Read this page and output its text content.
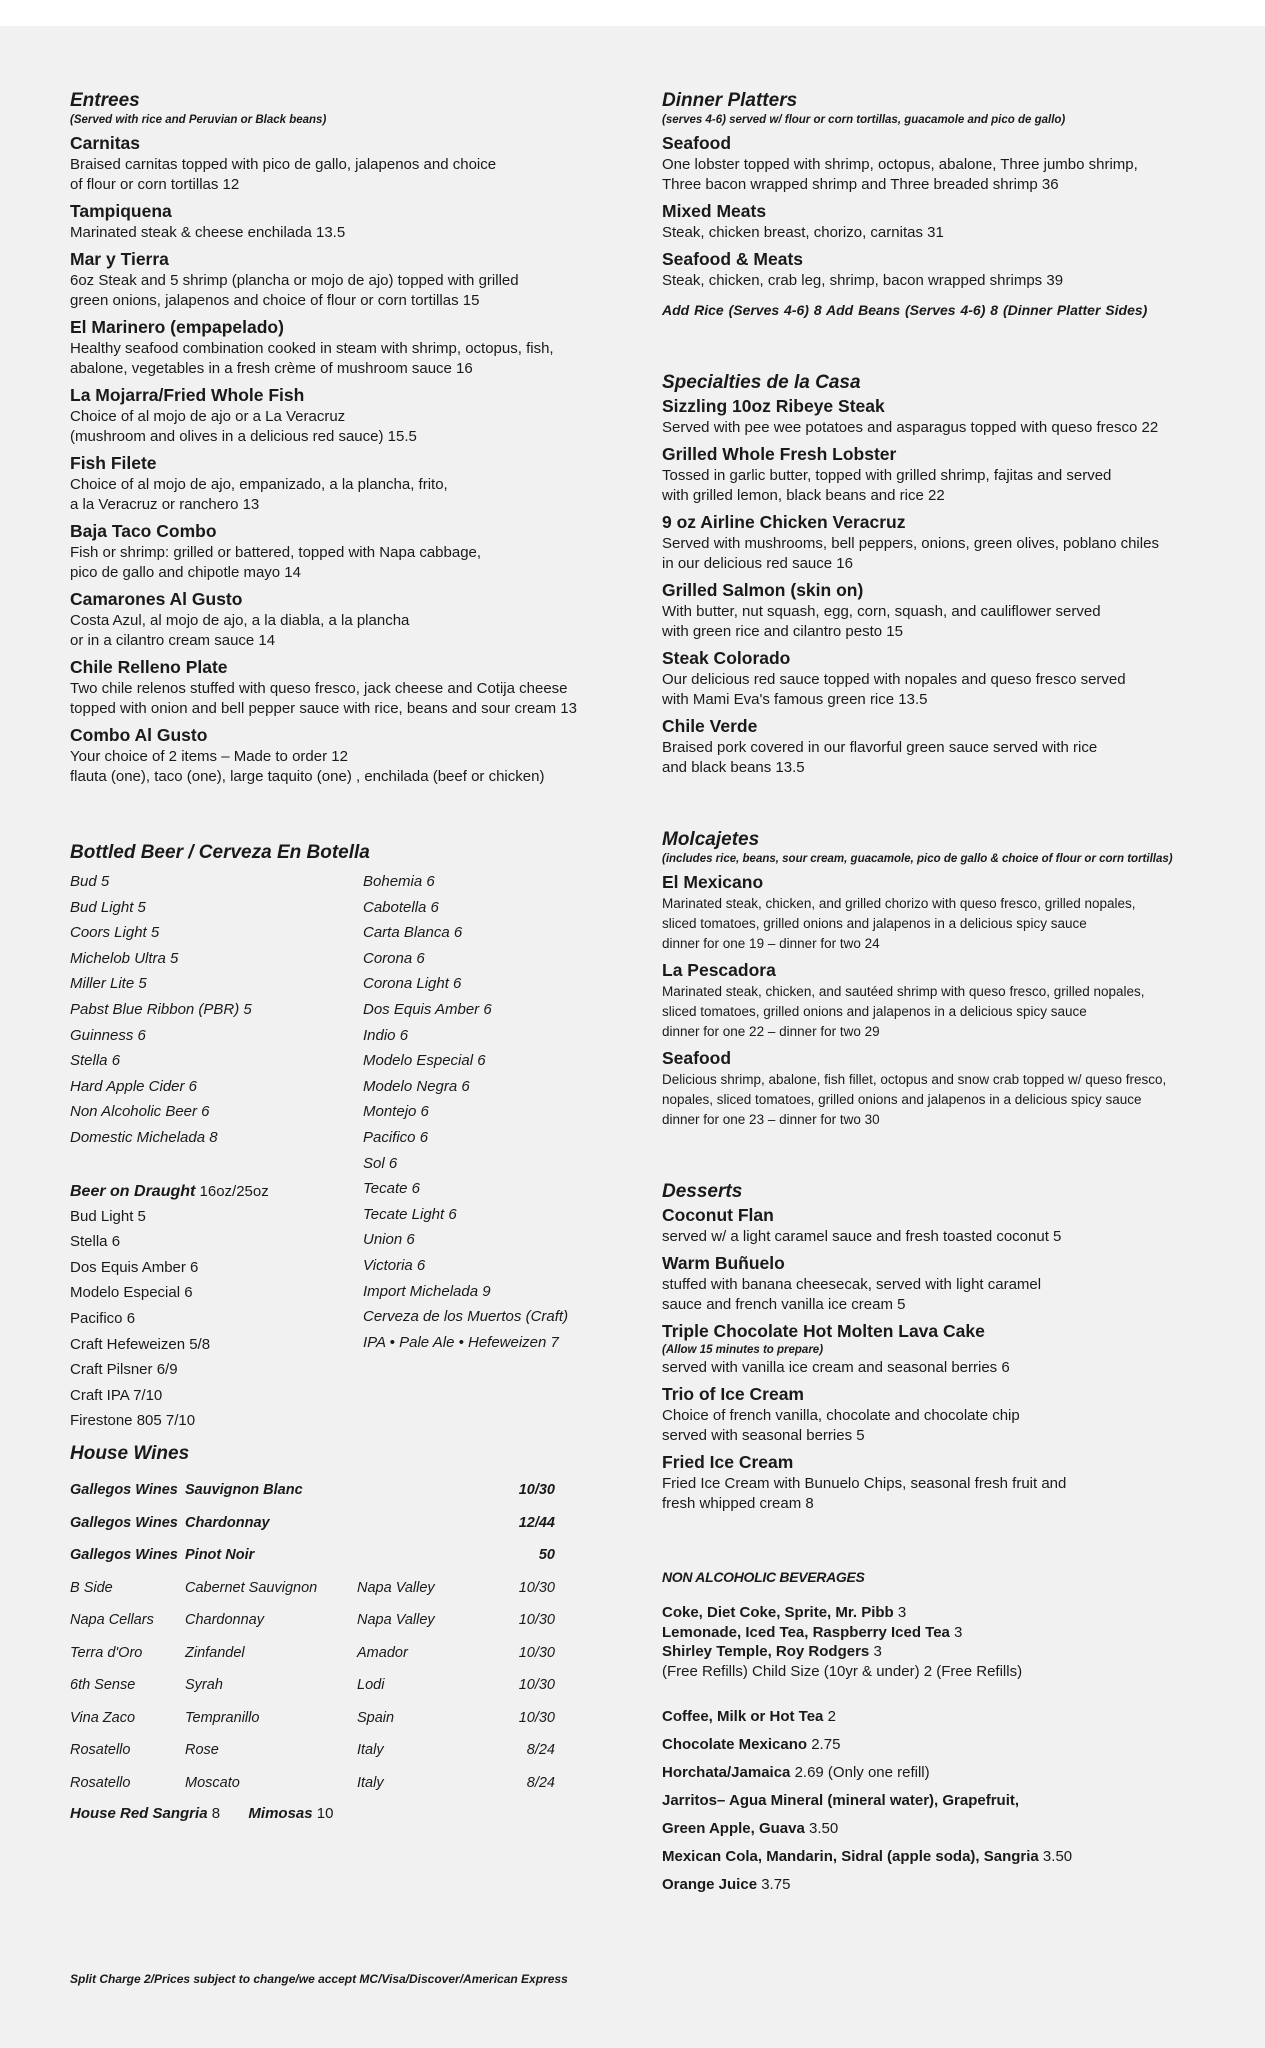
Entrees
(Served with rice and Peruvian or Black beans)
Carnitas
Braised carnitas topped with pico de gallo, jalapenos and choice
of flour or corn tortillas 12
Tampiquena
Marinated steak & cheese enchilada 13.5
Mar y Tierra
6oz Steak and 5 shrimp (plancha or mojo de ajo) topped with grilled
green onions, jalapenos and choice of flour or corn tortillas 15
El Marinero (empapelado)
Healthy seafood combination cooked in steam with shrimp, octopus, fish,
abalone, vegetables in a fresh crème of mushroom sauce 16
La Mojarra/Fried Whole Fish
Choice of al mojo de ajo or a La Veracruz
(mushroom and olives in a delicious red sauce) 15.5
Fish Filete
Choice of al mojo de ajo, empanizado, a la plancha, frito,
a la Veracruz or ranchero 13
Baja Taco Combo
Fish or shrimp: grilled or battered, topped with Napa cabbage,
pico de gallo and chipotle mayo 14
Camarones Al Gusto
Costa Azul, al mojo de ajo, a la diabla, a la plancha
or in a cilantro cream sauce 14
Chile Relleno Plate
Two chile relenos stuffed with queso fresco, jack cheese and Cotija cheese
topped with onion and bell pepper sauce with rice, beans and sour cream 13
Combo Al Gusto
Your choice of 2 items – Made to order 12
flauta (one), taco (one), large taquito (one) , enchilada (beef or chicken)
Bottled Beer / Cerveza En Botella
Bud 5
Bud Light 5
Coors Light 5
Michelob Ultra 5
Miller Lite 5
Pabst Blue Ribbon (PBR) 5
Guinness 6
Stella 6
Hard Apple Cider 6
Non Alcoholic Beer 6
Domestic Michelada 8
Beer on Draught 16oz/25oz
Bud Light 5
Stella 6
Dos Equis Amber 6
Modelo Especial 6
Pacifico 6
Craft Hefeweizen 5/8
Craft Pilsner 6/9
Craft IPA 7/10
Firestone 805 7/10
Bohemia 6
Cabotella 6
Carta Blanca 6
Corona 6
Corona Light 6
Dos Equis Amber 6
Indio 6
Modelo Especial 6
Modelo Negra 6
Montejo 6
Pacifico 6
Sol 6
Tecate 6
Tecate Light 6
Union 6
Victoria 6
Import Michelada 9
Cerveza de los Muertos (Craft)
IPA • Pale Ale • Hefeweizen 7
House Wines
Gallegos Wines	Sauvignon Blanc		10/30
Gallegos Wines	Chardonnay		12/44
Gallegos Wines	Pinot Noir		50
B Side	Cabernet Sauvignon	Napa Valley	10/30
Napa Cellars	Chardonnay	Napa Valley	10/30
Terra d'Oro	Zinfandel	Amador	10/30
6th Sense	Syrah	Lodi	10/30
Vina Zaco	Tempranillo	Spain	10/30
Rosatello	Rose	Italy	8/24
Rosatello	Moscato	Italy	8/24
House Red Sangria 8 Mimosas 10
Split Charge 2/Prices subject to change/we accept MC/Visa/Discover/American Express
Dinner Platters
(serves 4-6) served w/ flour or corn tortillas, guacamole and pico de gallo)
Seafood
One lobster topped with shrimp, octopus, abalone, Three jumbo shrimp,
Three bacon wrapped shrimp and Three breaded shrimp 36
Mixed Meats
Steak, chicken breast, chorizo, carnitas 31
Seafood & Meats
Steak, chicken, crab leg, shrimp, bacon wrapped shrimps 39
Add Rice (Serves 4-6) 8 Add Beans (Serves 4-6) 8 (Dinner Platter Sides)
Specialties de la Casa
Sizzling 10oz Ribeye Steak
Served with pee wee potatoes and asparagus topped with queso fresco 22
Grilled Whole Fresh Lobster
Tossed in garlic butter, topped with grilled shrimp, fajitas and served
with grilled lemon, black beans and rice 22
9 oz Airline Chicken Veracruz
Served with mushrooms, bell peppers, onions, green olives, poblano chiles
in our delicious red sauce 16
Grilled Salmon (skin on)
With butter, nut squash, egg, corn, squash, and cauliflower served
with green rice and cilantro pesto 15
Steak Colorado
Our delicious red sauce topped with nopales and queso fresco served
with Mami Eva's famous green rice 13.5
Chile Verde
Braised pork covered in our flavorful green sauce served with rice
and black beans 13.5
Molcajetes
(includes rice, beans, sour cream, guacamole, pico de gallo & choice of flour or corn tortillas)
El Mexicano
Marinated steak, chicken, and grilled chorizo with queso fresco, grilled nopales,
sliced tomatoes, grilled onions and jalapenos in a delicious spicy sauce
dinner for one 19 – dinner for two 24
La Pescadora
Marinated steak, chicken, and sautéed shrimp with queso fresco, grilled nopales,
sliced tomatoes, grilled onions and jalapenos in a delicious spicy sauce
dinner for one 22 – dinner for two 29
Seafood
Delicious shrimp, abalone, fish fillet, octopus and snow crab topped w/ queso fresco,
nopales, sliced tomatoes, grilled onions and jalapenos in a delicious spicy sauce
dinner for one 23 – dinner for two 30
Desserts
Coconut Flan
served w/ a light caramel sauce and fresh toasted coconut 5
Warm Buñuelo
stuffed with banana cheesecak, served with light caramel
sauce and french vanilla ice cream 5
Triple Chocolate Hot Molten Lava Cake
(Allow 15 minutes to prepare)
served with vanilla ice cream and seasonal berries 6
Trio of Ice Cream
Choice of french vanilla, chocolate and chocolate chip
served with seasonal berries 5
Fried Ice Cream
Fried Ice Cream with Bunuelo Chips, seasonal fresh fruit and
fresh whipped cream 8
NON ALCOHOLIC BEVERAGES
Coke, Diet Coke, Sprite, Mr. Pibb 3
Lemonade, Iced Tea, Raspberry Iced Tea 3
Shirley Temple, Roy Rodgers 3
(Free Refills) Child Size (10yr & under) 2 (Free Refills)
Coffee, Milk or Hot Tea 2
Chocolate Mexicano 2.75
Horchata/Jamaica 2.69 (Only one refill)
Jarritos– Agua Mineral (mineral water), Grapefruit,
Green Apple, Guava 3.50
Mexican Cola, Mandarin, Sidral (apple soda), Sangria 3.50
Orange Juice 3.75
